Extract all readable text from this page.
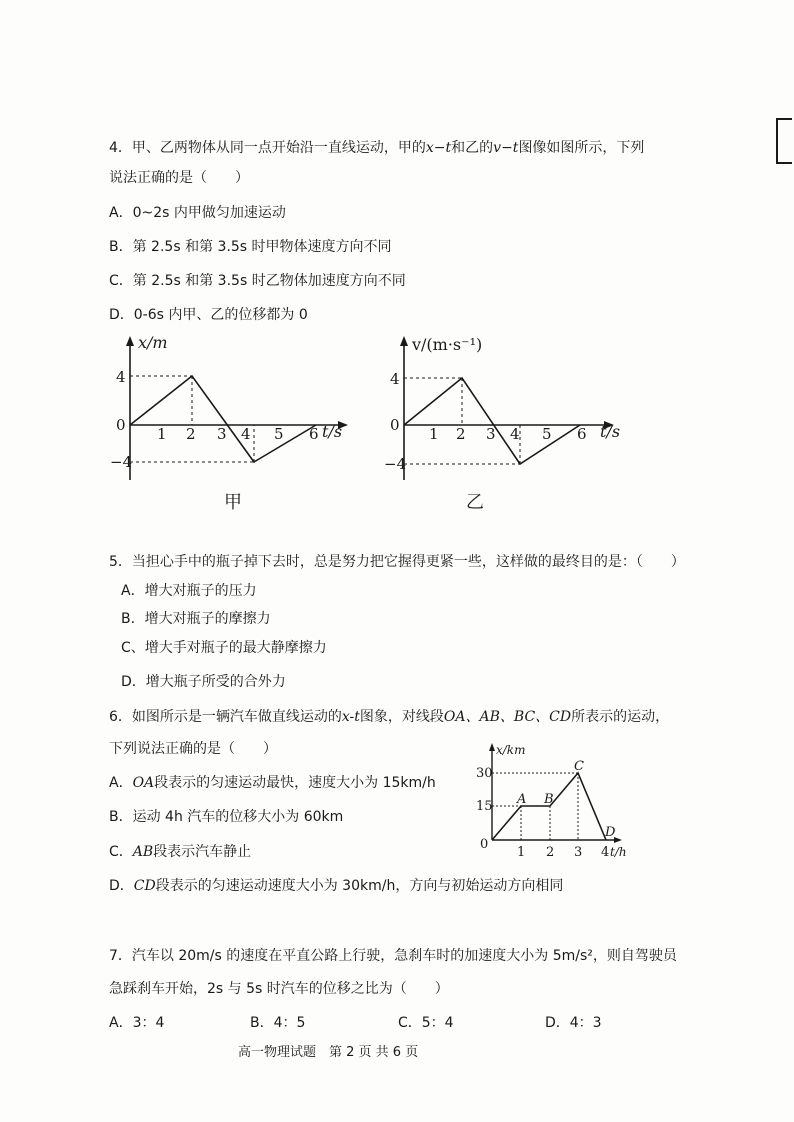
4．甲、乙两物体从同一点开始沿一直线运动，甲的x−t和乙的v−t图像如图所示，下列
说法正确的是（　　）
A．0~2s 内甲做匀加速运动
B．第 2.5s 和第 3.5s 时甲物体速度方向不同
C．第 2.5s 和第 3.5s 时乙物体加速度方向不同
D．0-6s 内甲、乙的位移都为 0
x/m
t/s
0
4
−4
1 2 3 4 5 6
甲
v/(m·s⁻¹)
t/s
0
4
−4
1 2 3 4 5 6
乙
5．当担心手中的瓶子掉下去时，总是努力把它握得更紧一些，这样做的最终目的是：（　　）
A．增大对瓶子的压力
B．增大对瓶子的摩擦力
C、增大手对瓶子的最大静摩擦力
D．增大瓶子所受的合外力
6．如图所示是一辆汽车做直线运动的x-t图象，对线段OA、AB、BC、CD所表示的运动，
下列说法正确的是（　　）
A．OA段表示的匀速运动最快，速度大小为 15km/h
B．运动 4h 汽车的位移大小为 60km
C．AB段表示汽车静止
D．CD段表示的匀速运动速度大小为 30km/h，方向与初始运动方向相同
x/km
t/h
0
15
30
1 2 3 4
A B
C
D
7．汽车以 20m/s 的速度在平直公路上行驶，急刹车时的加速度大小为 5m/s²，则自驾驶员
急踩刹车开始，2s 与 5s 时汽车的位移之比为（　　）
A．3：4	B．4：5	C．5：4	D．4：3
高一物理试题　第 2 页 共 6 页
